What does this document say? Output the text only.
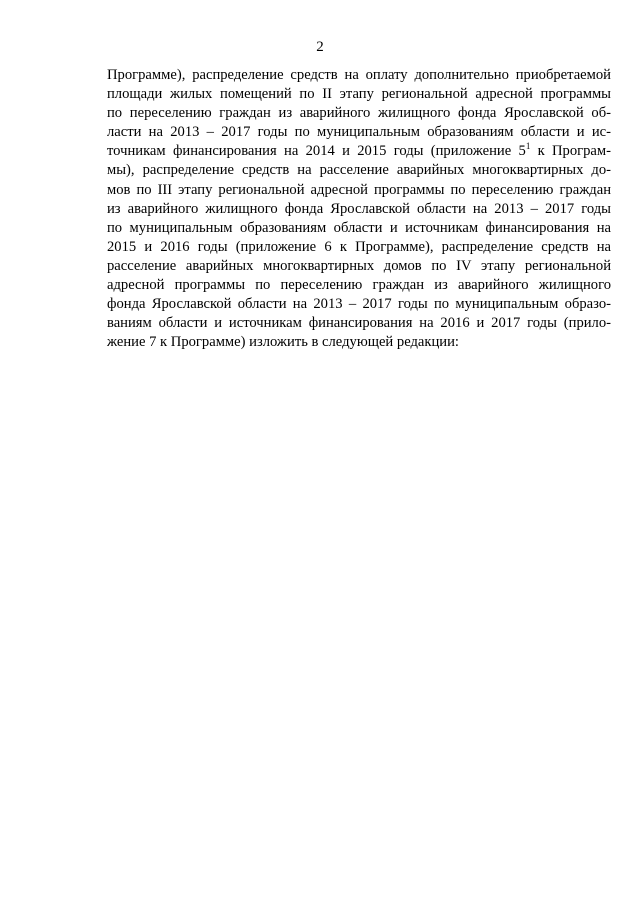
2
Программе), распределение средств на оплату дополнительно приобретаемой
площади жилых помещений по II этапу региональной адресной программы
по переселению граждан из аварийного жилищного фонда Ярославской об-
ласти на 2013 – 2017 годы по муниципальным образованиям области и ис-
точникам финансирования на 2014 и 2015 годы (приложение $5^1$ к Програм-
мы), распределение средств на расселение аварийных многоквартирных до-
мов по III этапу региональной адресной программы по переселению граждан
из аварийного жилищного фонда Ярославской области на 2013 – 2017 годы
по муниципальным образованиям области и источникам финансирования на
2015 и 2016 годы (приложение 6 к Программе), распределение средств на
расселение аварийных многоквартирных домов по IV этапу региональной
адресной программы по переселению граждан из аварийного жилищного
фонда Ярославской области на 2013 – 2017 годы по муниципальным образо-
ваниям области и источникам финансирования на 2016 и 2017 годы (прило-
жение 7 к Программе) изложить в следующей редакции:
